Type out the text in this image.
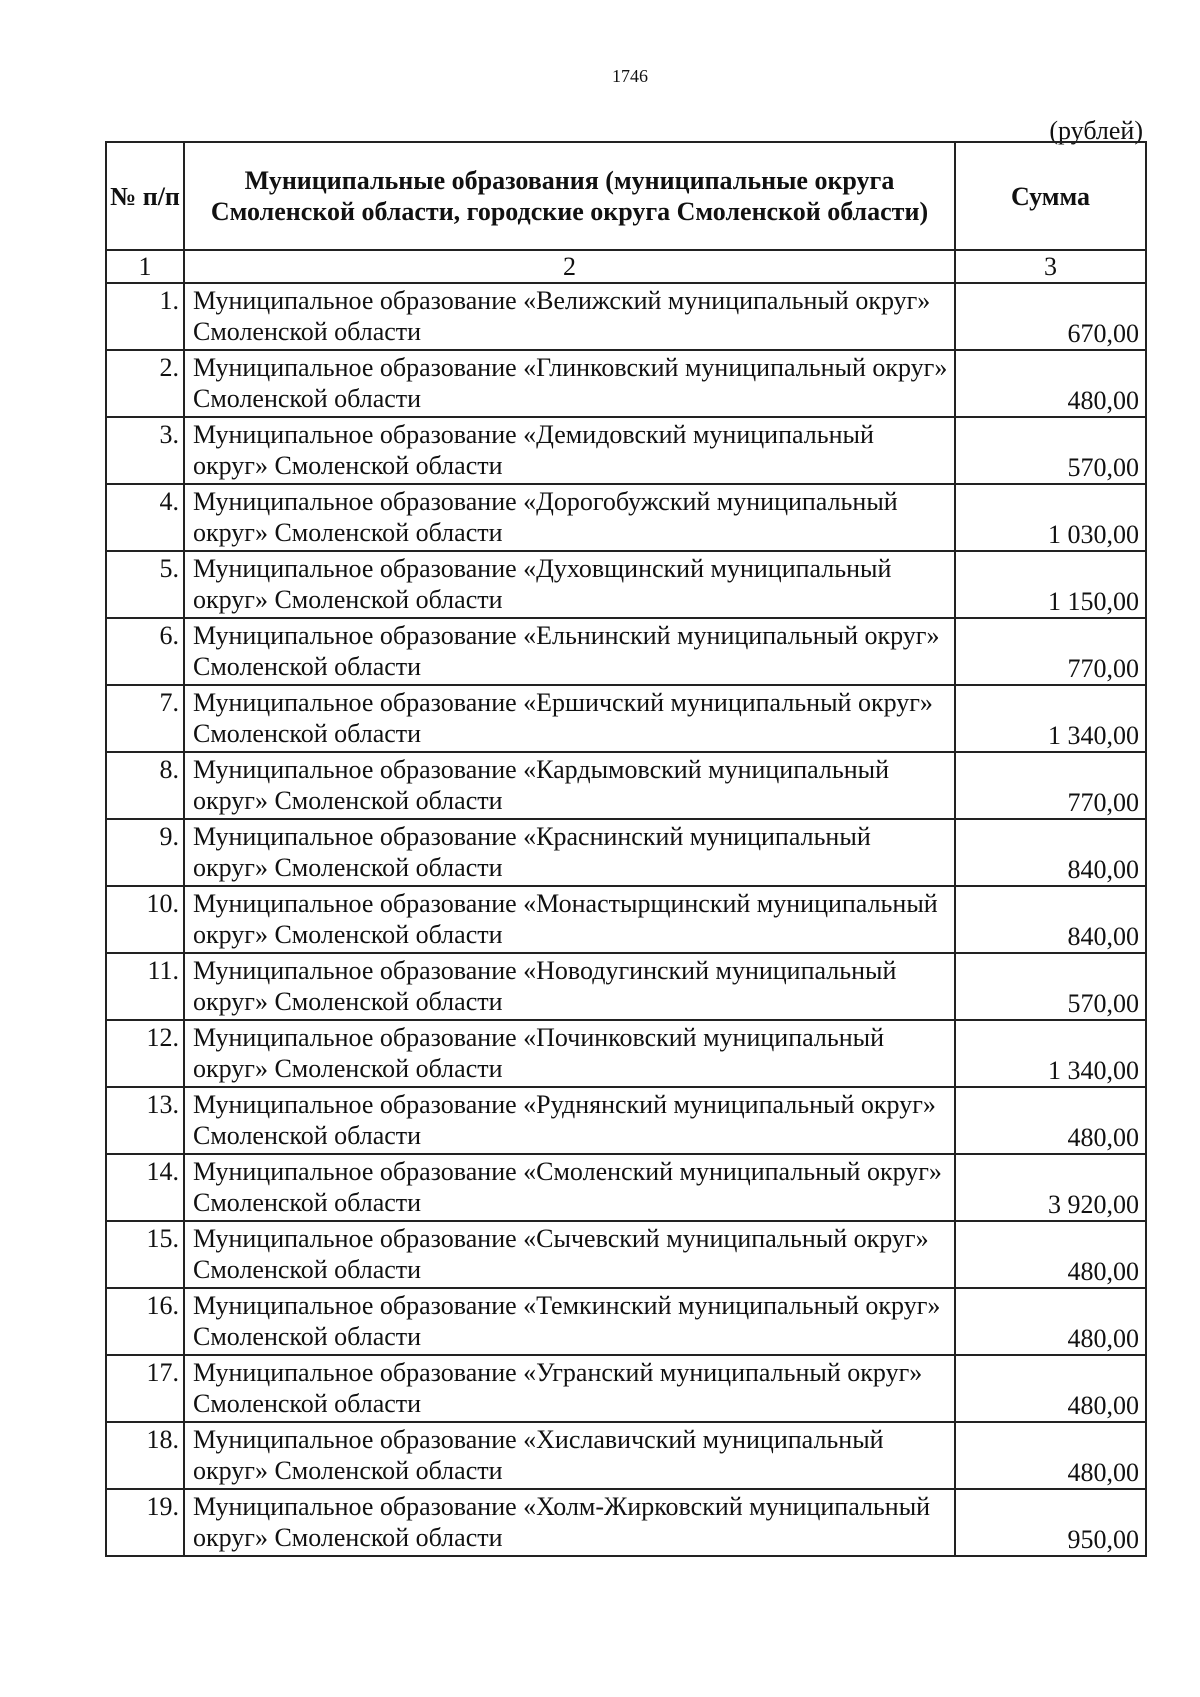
1746
(рублей)
№ п/п	Муниципальные образования (муниципальные округа Смоленской области, городские округа Смоленской области)	Сумма
1	2	3
1.	Муниципальное образование «Велижский муниципальный округ» Смоленской области	670,00
2.	Муниципальное образование «Глинковский муниципальный округ» Смоленской области	480,00
3.	Муниципальное образование «Демидовский муниципальный округ» Смоленской области	570,00
4.	Муниципальное образование «Дорогобужский муниципальный округ» Смоленской области	1 030,00
5.	Муниципальное образование «Духовщинский муниципальный округ» Смоленской области	1 150,00
6.	Муниципальное образование «Ельнинский муниципальный округ» Смоленской области	770,00
7.	Муниципальное образование «Ершичский муниципальный округ» Смоленской области	1 340,00
8.	Муниципальное образование «Кардымовский муниципальный округ» Смоленской области	770,00
9.	Муниципальное образование «Краснинский муниципальный округ» Смоленской области	840,00
10.	Муниципальное образование «Монастырщинский муниципальный округ» Смоленской области	840,00
11.	Муниципальное образование «Новодугинский муниципальный округ» Смоленской области	570,00
12.	Муниципальное образование «Починковский муниципальный округ» Смоленской области	1 340,00
13.	Муниципальное образование «Руднянский муниципальный округ» Смоленской области	480,00
14.	Муниципальное образование «Смоленский муниципальный округ» Смоленской области	3 920,00
15.	Муниципальное образование «Сычевский муниципальный округ» Смоленской области	480,00
16.	Муниципальное образование «Темкинский муниципальный округ» Смоленской области	480,00
17.	Муниципальное образование «Угранский муниципальный округ» Смоленской области	480,00
18.	Муниципальное образование «Хиславичский муниципальный округ» Смоленской области	480,00
19.	Муниципальное образование «Холм-Жирковский муниципальный округ» Смоленской области	950,00
